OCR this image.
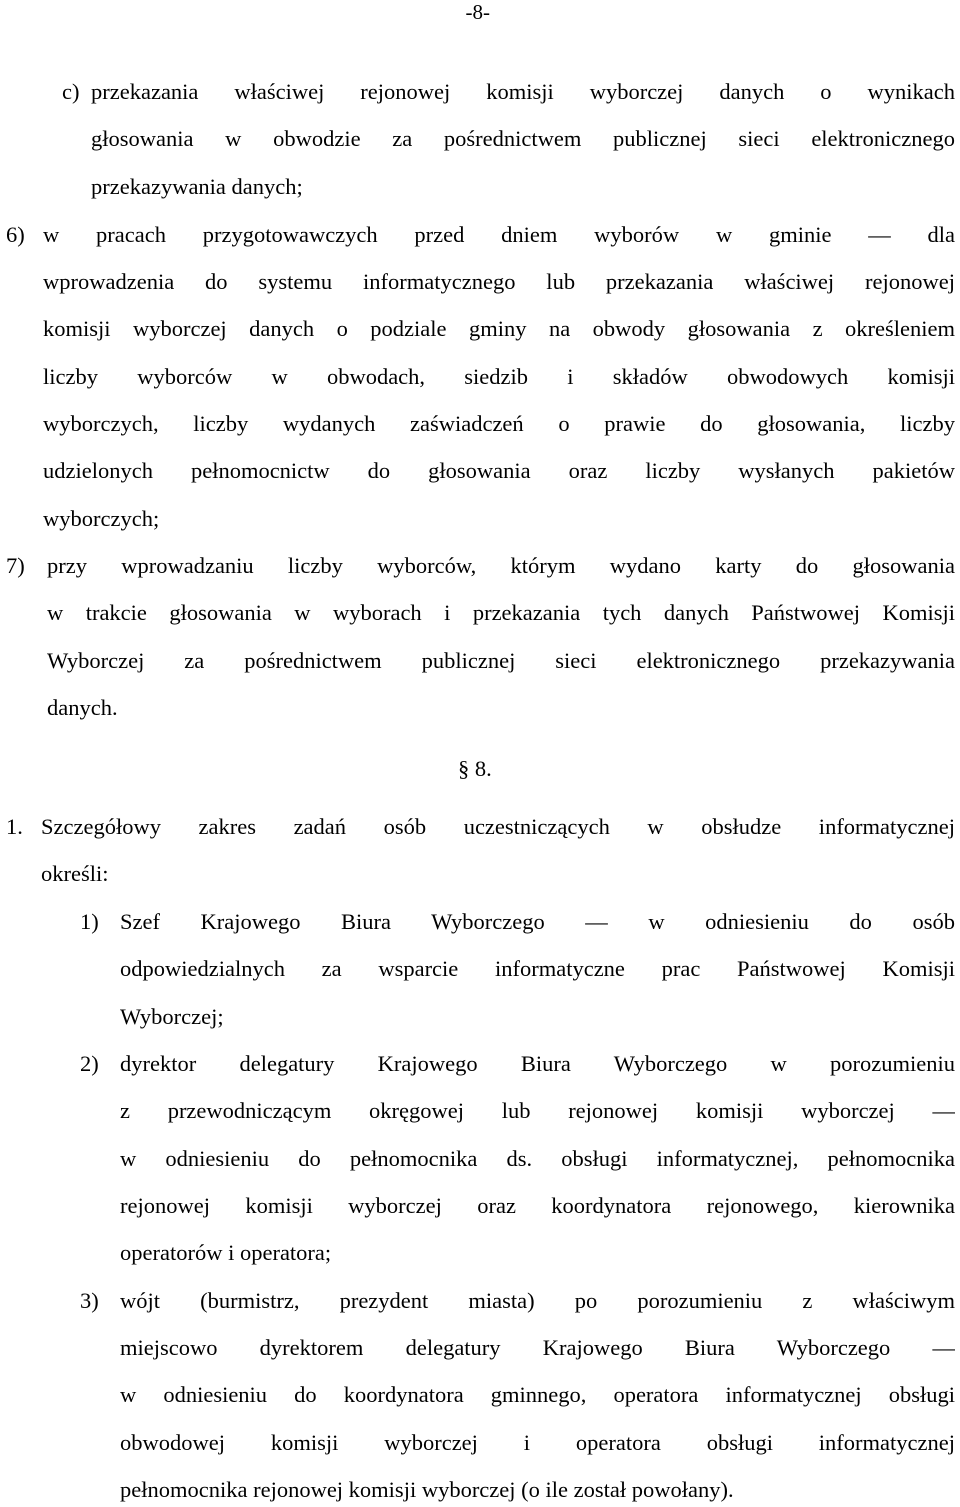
-8-
c) przekazania właściwej rejonowej komisji wyborczej danych o wynikach
głosowania w obwodzie za pośrednictwem publicznej sieci elektronicznego
przekazywania danych;
6) w pracach przygotowawczych przed dniem wyborów w gminie — dla
wprowadzenia do systemu informatycznego lub przekazania właściwej rejonowej
komisji wyborczej danych o podziale gminy na obwody głosowania z określeniem
liczby wyborców w obwodach, siedzib i składów obwodowych komisji
wyborczych, liczby wydanych zaświadczeń o prawie do głosowania, liczby
udzielonych pełnomocnictw do głosowania oraz liczby wysłanych pakietów
wyborczych;
7) przy wprowadzaniu liczby wyborców, którym wydano karty do głosowania
w trakcie głosowania w wyborach i przekazania tych danych Państwowej Komisji
Wyborczej za pośrednictwem publicznej sieci elektronicznego przekazywania
danych.
§ 8.
1. Szczegółowy zakres zadań osób uczestniczących w obsłudze informatycznej
określi:
1) Szef Krajowego Biura Wyborczego — w odniesieniu do osób
odpowiedzialnych za wsparcie informatyczne prac Państwowej Komisji
Wyborczej;
2) dyrektor delegatury Krajowego Biura Wyborczego w porozumieniu
z przewodniczącym okręgowej lub rejonowej komisji wyborczej —
w odniesieniu do pełnomocnika ds. obsługi informatycznej, pełnomocnika
rejonowej komisji wyborczej oraz koordynatora rejonowego, kierownika
operatorów i operatora;
3) wójt (burmistrz, prezydent miasta) po porozumieniu z właściwym
miejscowo dyrektorem delegatury Krajowego Biura Wyborczego —
w odniesieniu do koordynatora gminnego, operatora informatycznej obsługi
obwodowej komisji wyborczej i operatora obsługi informatycznej
pełnomocnika rejonowej komisji wyborczej (o ile został powołany).
